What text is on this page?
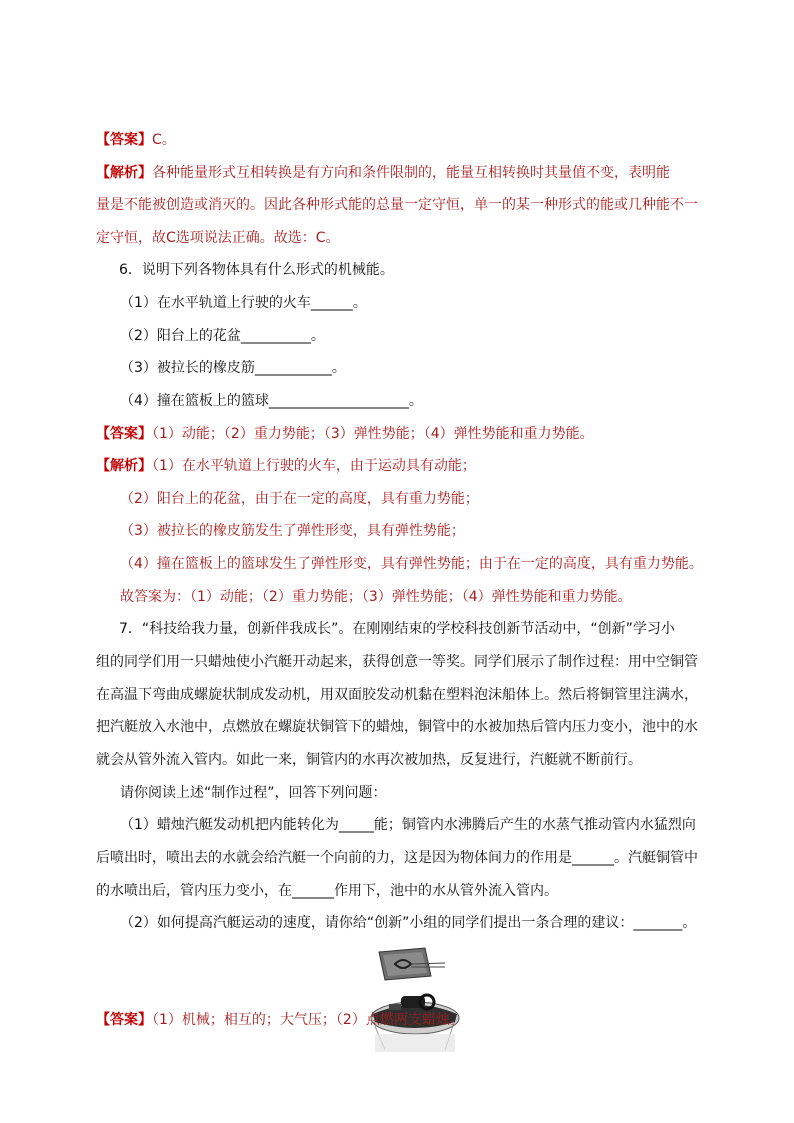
【答案】C。
【解析】各种能量形式互相转换是有方向和条件限制的，能量互相转换时其量值不变，表明能
量是不能被创造或消灭的。因此各种形式能的总量一定守恒，单一的某一种形式的能或几种能不一
定守恒，故C选项说法正确。故选：C。
6．说明下列各物体具有什么形式的机械能。
（1）在水平轨道上行驶的火车______。
（2）阳台上的花盆__________。
（3）被拉长的橡皮筋___________。
（4）撞在篮板上的篮球____________________。
【答案】（1）动能；（2）重力势能；（3）弹性势能；（4）弹性势能和重力势能。
【解析】（1）在水平轨道上行驶的火车，由于运动具有动能；
（2）阳台上的花盆，由于在一定的高度，具有重力势能；
（3）被拉长的橡皮筋发生了弹性形变，具有弹性势能；
（4）撞在篮板上的篮球发生了弹性形变，具有弹性势能；由于在一定的高度，具有重力势能。
故答案为：（1）动能；（2）重力势能；（3）弹性势能；（4）弹性势能和重力势能。
7．“科技给我力量，创新伴我成长”。在刚刚结束的学校科技创新节活动中，“创新”学习小
组的同学们用一只蜡烛使小汽艇开动起来，获得创意一等奖。同学们展示了制作过程：用中空铜管
在高温下弯曲成螺旋状制成发动机，用双面胶发动机黏在塑料泡沫船体上。然后将铜管里注满水，
把汽艇放入水池中，点燃放在螺旋状铜管下的蜡烛，铜管中的水被加热后管内压力变小，池中的水
就会从管外流入管内。如此一来，铜管内的水再次被加热，反复进行，汽艇就不断前行。
请你阅读上述“制作过程”，回答下列问题：
（1）蜡烛汽艇发动机把内能转化为_____能；铜管内水沸腾后产生的水蒸气推动管内水猛烈向
后喷出时，喷出去的水就会给汽艇一个向前的力，这是因为物体间力的作用是______。汽艇铜管中
的水喷出后，管内压力变小，在______作用下，池中的水从管外流入管内。
（2）如何提高汽艇运动的速度，请你给“创新”小组的同学们提出一条合理的建议：_______。
【答案】（1）机械；相互的；大气压；（2）点燃两支蜡烛。
